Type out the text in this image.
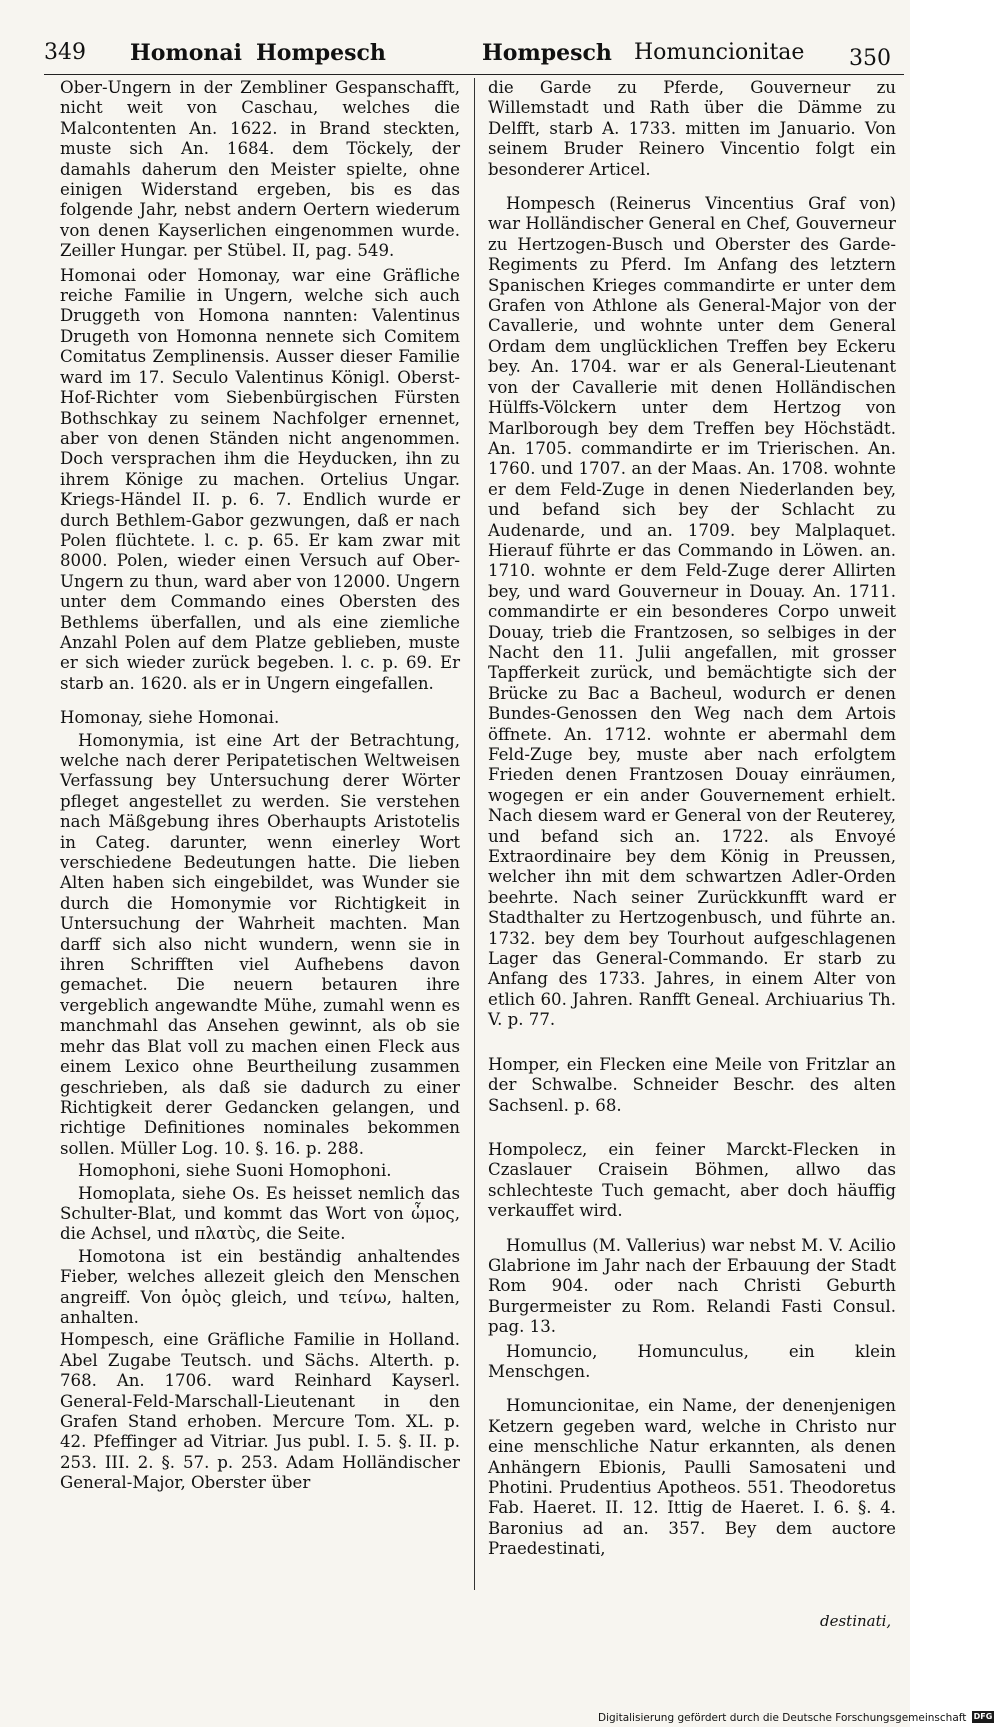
349 Homonai Hompesch	Hompesch Homuncionitae 350

Ober-Ungern in der Zembliner Gespanschafft, nicht weit von Caschau, welches die Malcontenten An. 1622. in Brand steckten, muste sich An. 1684. dem Töckely, der damahls daherum den Meister spielte, ohne einigen Widerstand ergeben, bis es das folgende Jahr, nebst andern Oertern wiederum von denen Kayserlichen eingenommen wurde. Zeiller Hungar. per Stübel. II, pag. 549.

Homonai oder Homonay, war eine Gräfliche reiche Familie in Ungern, welche sich auch Druggeth von Homona nannten: Valentinus Drugeth von Homonna nennete sich Comitem Comitatus Zemplinensis. Ausser dieser Familie ward im 17. Seculo Valentinus Königl. Oberst-Hof-Richter vom Siebenbürgischen Fürsten Bothschkay zu seinem Nachfolger ernennet, aber von denen Ständen nicht angenommen. Doch versprachen ihm die Heyducken, ihn zu ihrem Könige zu machen. Ortelius Ungar. Kriegs-Händel II. p. 6. 7. Endlich wurde er durch Bethlem-Gabor gezwungen, daß er nach Polen flüchtete. l. c. p. 65. Er kam zwar mit 8000. Polen, wieder einen Versuch auf Ober-Ungern zu thun, ward aber von 12000. Ungern unter dem Commando eines Obersten des Bethlems überfallen, und als eine ziemliche Anzahl Polen auf dem Platze geblieben, muste er sich wieder zurück begeben. l. c. p. 69. Er starb an. 1620. als er in Ungern eingefallen.

Homonay, siehe Homonai.

Homonymia, ist eine Art der Betrachtung, welche nach derer Peripatetischen Weltweisen Verfassung bey Untersuchung derer Wörter pfleget angestellet zu werden. Sie verstehen nach Mäßgebung ihres Oberhaupts Aristotelis in Categ. darunter, wenn einerley Wort verschiedene Bedeutungen hatte. Die lieben Alten haben sich eingebildet, was Wunder sie durch die Homonymie vor Richtigkeit in Untersuchung der Wahrheit machten. Man darff sich also nicht wundern, wenn sie in ihren Schrifften viel Aufhebens davon gemachet. Die neuern betauren ihre vergeblich angewandte Mühe, zumahl wenn es manchmahl das Ansehen gewinnt, als ob sie mehr das Blat voll zu machen einen Fleck aus einem Lexico ohne Beurtheilung zusammen geschrieben, als daß sie dadurch zu einer Richtigkeit derer Gedancken gelangen, und richtige Definitiones nominales bekommen sollen. Müller Log. 10. §. 16. p. 288.

Homophoni, siehe Suoni Homophoni.

Homoplata, siehe Os. Es heisset nemlich das Schulter-Blat, und kommt das Wort von ὦμος, die Achsel, und πλατὺς, die Seite.

Homotona ist ein beständig anhaltendes Fieber, welches allezeit gleich den Menschen angreiff. Von ὁμὸς gleich, und τείνω, halten, anhalten.

Hompesch, eine Gräfliche Familie in Holland. Abel Zugabe Teutsch. und Sächs. Alterth. p. 768. An. 1706. ward Reinhard Kayserl. General-Feld-Marschall-Lieutenant in den Grafen Stand erhoben. Mercure Tom. XL. p. 42. Pfeffinger ad Vitriar. Jus publ. I. 5. §. II. p. 253. III. 2. §. 57. p. 253. Adam Holländischer General-Major, Oberster über

die Garde zu Pferde, Gouverneur zu Willemstadt und Rath über die Dämme zu Delfft, starb A. 1733. mitten im Januario. Von seinem Bruder Reinero Vincentio folgt ein besonderer Articel.

Hompesch (Reinerus Vincentius Graf von) war Holländischer General en Chef, Gouverneur zu Hertzogen-Busch und Oberster des Garde-Regiments zu Pferd. Im Anfang des letztern Spanischen Krieges commandirte er unter dem Grafen von Athlone als General-Major von der Cavallerie, und wohnte unter dem General Ordam dem unglücklichen Treffen bey Eckeru bey. An. 1704. war er als General-Lieutenant von der Cavallerie mit denen Holländischen Hülffs-Völckern unter dem Hertzog von Marlborough bey dem Treffen bey Höchstädt. An. 1705. commandirte er im Trierischen. An. 1760. und 1707. an der Maas. An. 1708. wohnte er dem Feld-Zuge in denen Niederlanden bey, und befand sich bey der Schlacht zu Audenarde, und an. 1709. bey Malplaquet. Hierauf führte er das Commando in Löwen. an. 1710. wohnte er dem Feld-Zuge derer Allirten bey, und ward Gouverneur in Douay. An. 1711. commandirte er ein besonderes Corpo unweit Douay, trieb die Frantzosen, so selbiges in der Nacht den 11. Julii angefallen, mit grosser Tapfferkeit zurück, und bemächtigte sich der Brücke zu Bac a Bacheul, wodurch er denen Bundes-Genossen den Weg nach dem Artois öffnete. An. 1712. wohnte er abermahl dem Feld-Zuge bey, muste aber nach erfolgtem Frieden denen Frantzosen Douay einräumen, wogegen er ein ander Gouvernement erhielt. Nach diesem ward er General von der Reuterey, und befand sich an. 1722. als Envoyé Extraordinaire bey dem König in Preussen, welcher ihn mit dem schwartzen Adler-Orden beehrte. Nach seiner Zurückkunfft ward er Stadthalter zu Hertzogenbusch, und führte an. 1732. bey dem bey Tourhout aufgeschlagenen Lager das General-Commando. Er starb zu Anfang des 1733. Jahres, in einem Alter von etlich 60. Jahren. Ranfft Geneal. Archiuarius Th. V. p. 77.

Homper, ein Flecken eine Meile von Fritzlar an der Schwalbe. Schneider Beschr. des alten Sachsenl. p. 68.

Hompolecz, ein feiner Marckt-Flecken in Czaslauer Craisein Böhmen, allwo das schlechteste Tuch gemacht, aber doch häuffig verkauffet wird.

Homullus (M. Vallerius) war nebst M. V. Acilio Glabrione im Jahr nach der Erbauung der Stadt Rom 904. oder nach Christi Geburth Burgermeister zu Rom. Relandi Fasti Consul. pag. 13.

Homuncio, Homunculus, ein klein Menschgen.

Homuncionitae, ein Name, der denenjenigen Ketzern gegeben ward, welche in Christo nur eine menschliche Natur erkannten, als denen Anhängern Ebionis, Paulli Samosateni und Photini. Prudentius Apotheos. 551. Theodoretus Fab. Haeret. II. 12. Ittig de Haeret. I. 6. §. 4. Baronius ad an. 357. Bey dem auctore Praedestinati,

destinati,
Digitalisierung gefördert durch die Deutsche Forschungsgemeinschaft DFG
